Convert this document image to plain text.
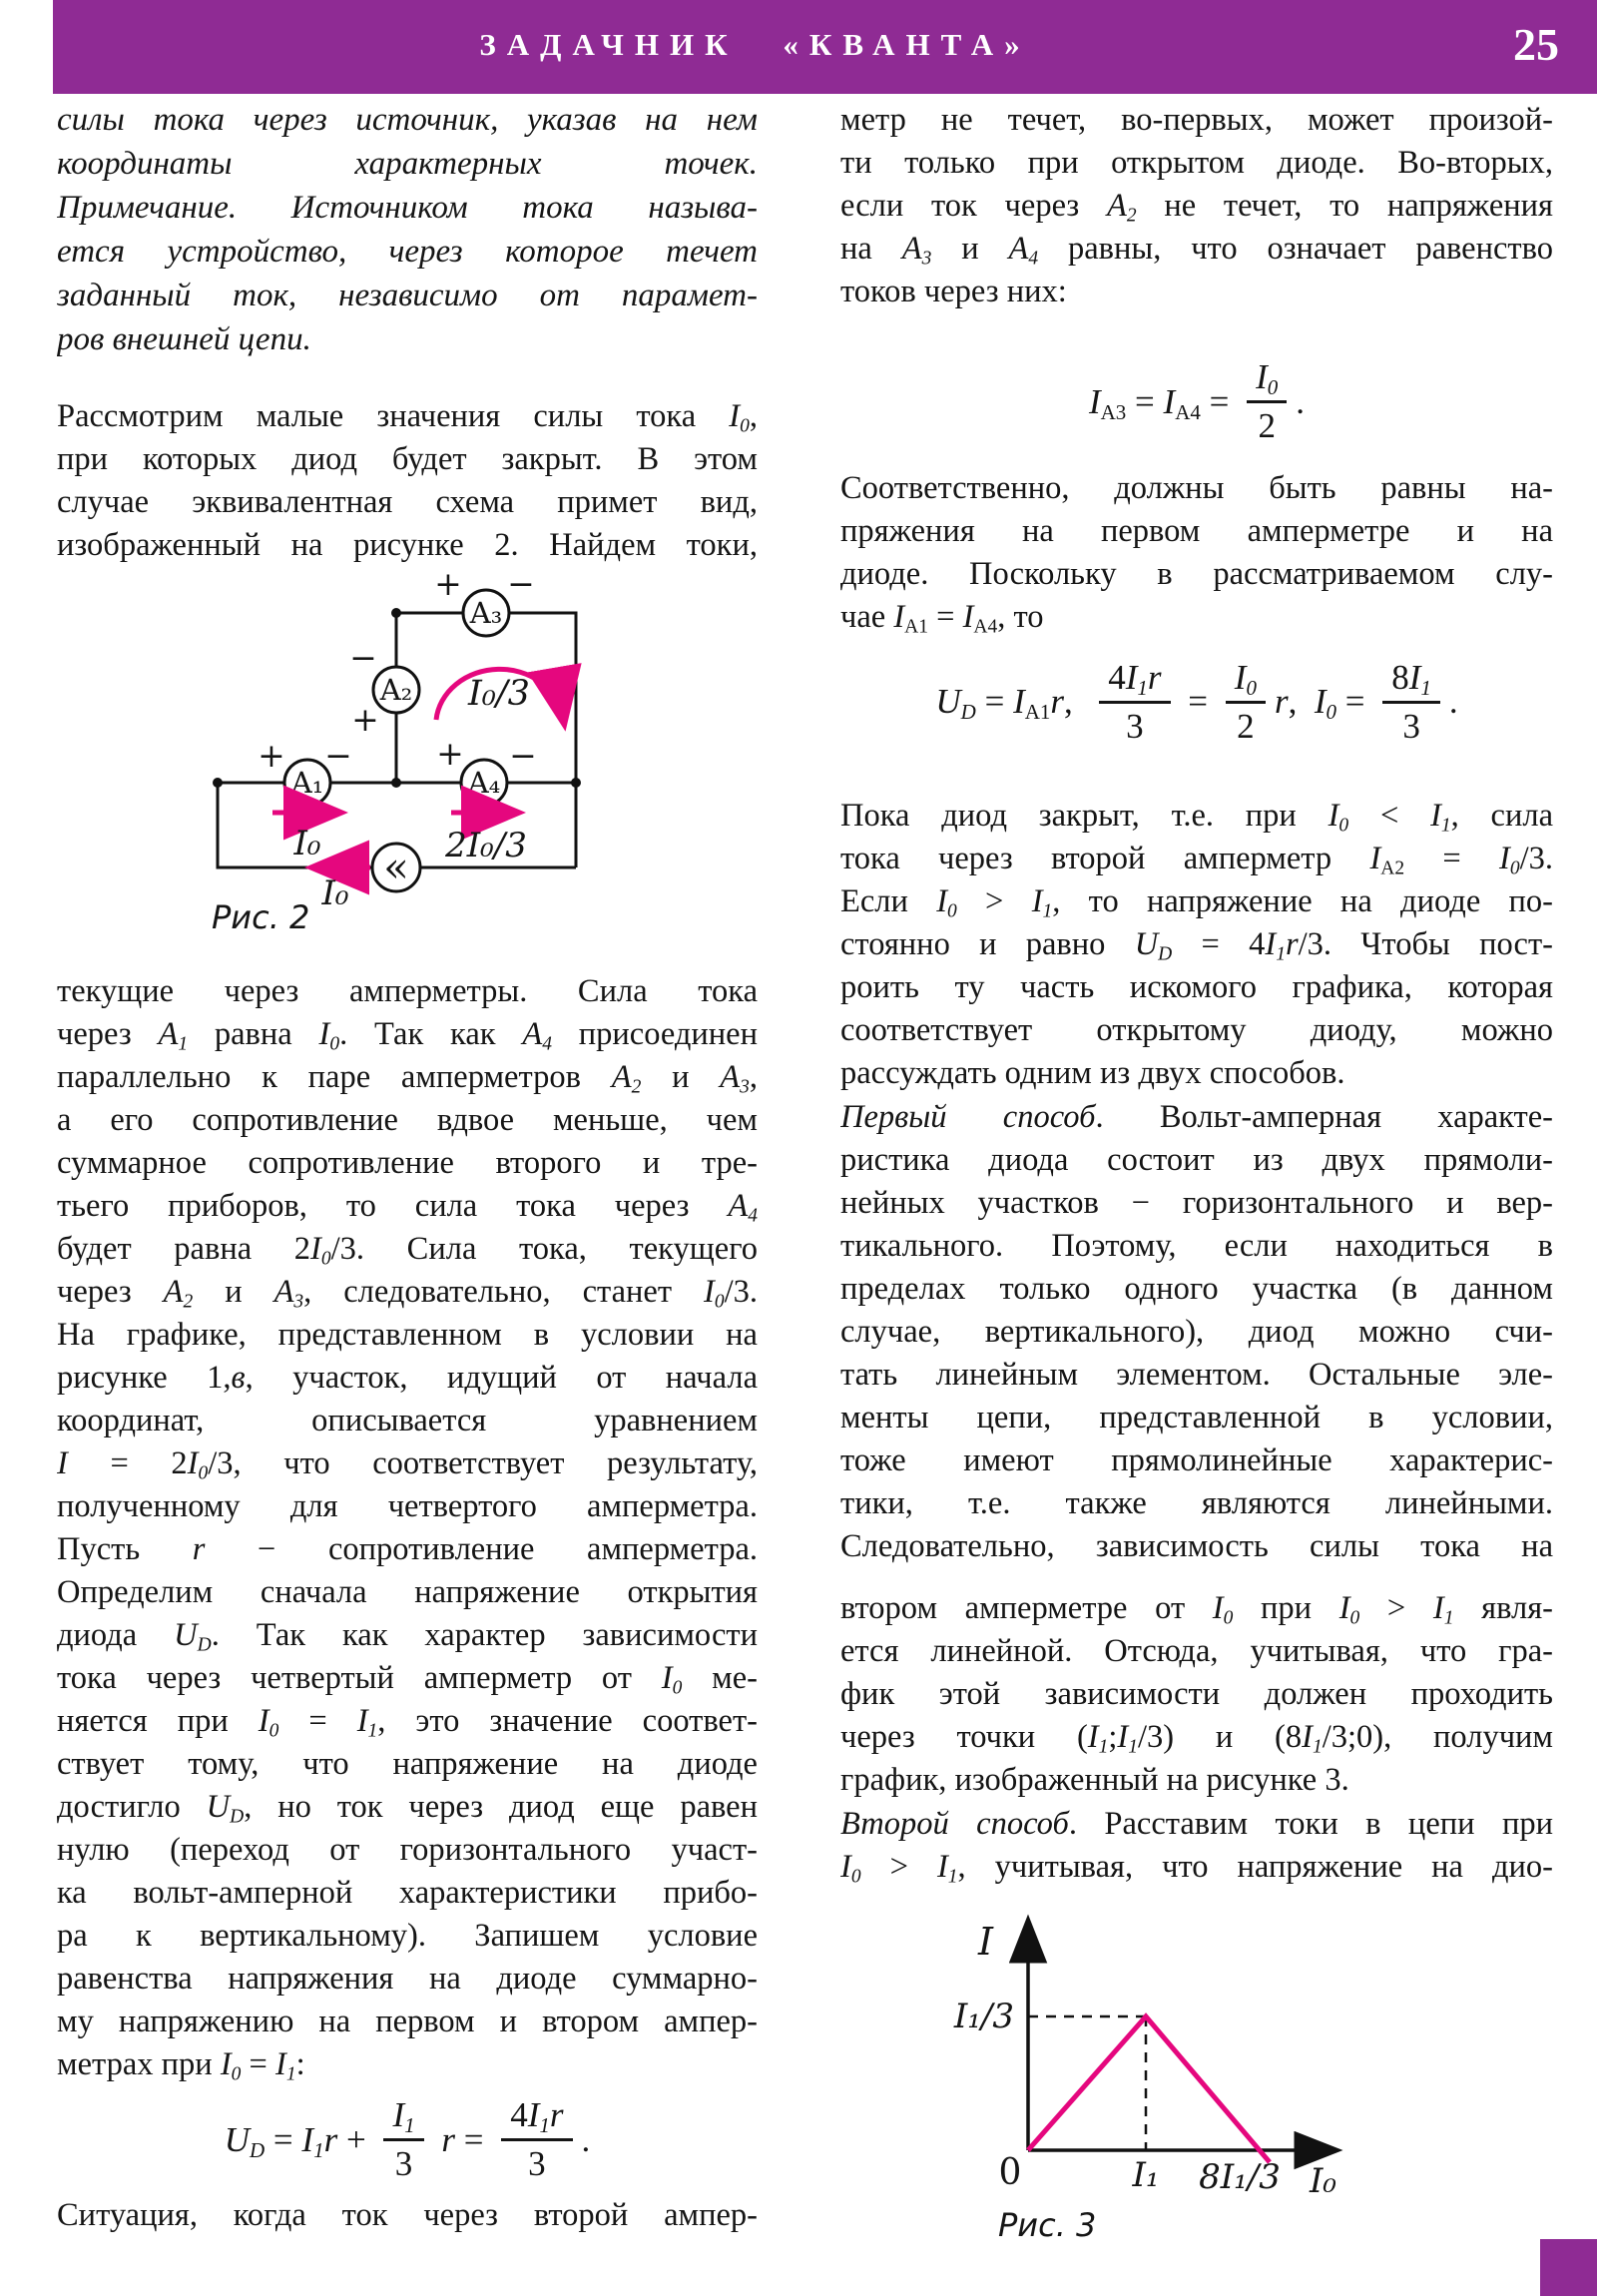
ЗАДАЧНИК «КВАНТА»	25
силы тока через источник, указав на нем
координаты характерных точек.
Примечание. Источником тока называ-
ется устройство, через которое течет
заданный ток, независимо от парамет-
ров внешней цепи.
Рассмотрим малые значения силы тока $I_0$,
при которых диод будет закрыт. В этом
случае эквивалентная схема примет вид,
изображенный на рисунке 2. Найдем токи,
A₃
A₂
A₁	A₄
«
+ −
−
+
+ −	+ −
I₀	2I₀/3
I₀/3
I₀
Рис. 2
текущие через амперметры. Сила тока
через $A_1$ равна $I_0$. Так как $A_4$ присоединен
параллельно к паре амперметров $A_2$ и $A_3$,
а его сопротивление вдвое меньше, чем
суммарное сопротивление второго и тре-
тьего приборов, то сила тока через $A_4$
будет равна $2I_0/3$. Сила тока, текущего
через $A_2$ и $A_3$, следовательно, станет $I_0/3$.
На графике, представленном в условии на
рисунке 1,в, участок, идущий от начала
координат, описывается уравнением
$I = 2I_0/3$, что соответствует результату,
полученному для четвертого амперметра.
Пусть r − сопротивление амперметра.
Определим сначала напряжение открытия
диода $U_D$. Так как характер зависимости
тока через четвертый амперметр от $I_0$ ме-
няется при $I_0 = I_1$, это значение соответ-
ствует тому, что напряжение на диоде
достигло $U_D$, но ток через диод еще равен
нулю (переход от горизонтального участ-
ка вольт-амперной характеристики прибо-
ра к вертикальному). Запишем условие
равенства напряжения на диоде суммарно-
му напряжению на первом и втором ампер-
метрах при $I_0 = I_1$:
$U_D = I_1r + \frac{I_1}{3}$ $r = \frac{4I_1r}{3}$ .
Ситуация, когда ток через второй ампер-
метр не течет, во-первых, может произой-
ти только при открытом диоде. Во-вторых,
если ток через $A_2$ не течет, то напряжения
на $A_3$ и $A_4$ равны, что означает равенство
токов через них:
$I_{A3} = I_{A4} = \frac{I_0}{2}$ .
Соответственно, должны быть равны на-
пряжения на первом амперметре и на
диоде. Поскольку в рассматриваемом слу-
чае $I_{A1} = I_{A4}$, то
$U_D = I_{A1}r$, $\frac{4I_1r}{3} = \frac{I_0}{2} r$,  $I_0 = \frac{8I_1}{3}$ .
Пока диод закрыт, т.е. при $I_0 < I_1$, сила
тока через второй амперметр $I_{A2} = I_0/3$.
Если $I_0 > I_1$, то напряжение на диоде по-
стоянно и равно $U_D = 4I_1r/3$. Чтобы пост-
роить ту часть искомого графика, которая
соответствует открытому диоду, можно
рассуждать одним из двух способов.
Первый способ. Вольт-амперная характе-
ристика диода состоит из двух прямоли-
нейных участков − горизонтального и вер-
тикального. Поэтому, если находиться в
пределах только одного участка (в данном
случае, вертикального), диод можно счи-
тать линейным элементом. Остальные эле-
менты цепи, представленной в условии,
тоже имеют прямолинейные характерис-
тики, т.е. также являются линейными.
Следовательно, зависимость силы тока на
втором амперметре от $I_0$ при $I_0 > I_1$ явля-
ется линейной. Отсюда, учитывая, что гра-
фик этой зависимости должен проходить
через точки $(I_1;I_1/3)$ и $(8I_1/3;0)$, получим
график, изображенный на рисунке 3.
Второй способ. Расставим токи в цепи при
$I_0 > I_1$, учитывая, что напряжение на дио-
I
I₁/3
0	I₁ 8I₁/3 I₀
Рис. 3
